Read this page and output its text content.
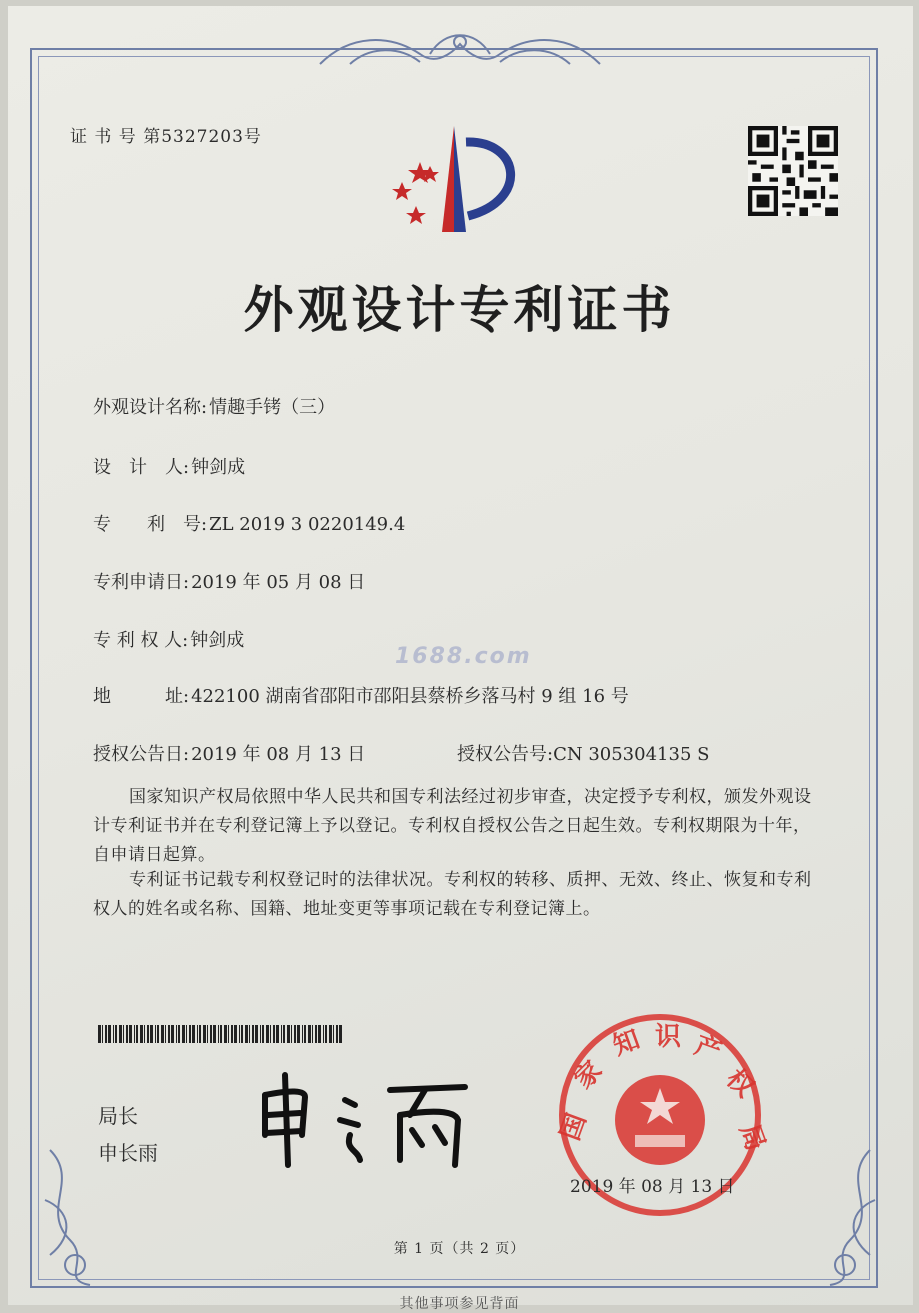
证 书 号 第5327203号
外观设计专利证书
外观设计名称: 情趣手铐（三）
设　计　人: 钟剑成
专　　利　号: ZL 2019 3 0220149.4
专利申请日: 2019 年 05 月 08 日
专 利 权 人: 钟剑成
1688.com
地　　　址: 422100 湖南省邵阳市邵阳县蔡桥乡落马村 9 组 16 号
授权公告日: 2019 年 08 月 13 日	授权公告号:CN 305304135 S
国家知识产权局依照中华人民共和国专利法经过初步审查，决定授予专利权，颁发外观设计专利证书并在专利登记簿上予以登记。专利权自授权公告之日起生效。专利权期限为十年，自申请日起算。
专利证书记载专利权登记时的法律状况。专利权的转移、质押、无效、终止、恢复和专利权人的姓名或名称、国籍、地址变更等事项记载在专利登记簿上。
局长
申长雨
国
家
知 识 产
权
局
2019 年 08 月 13 日
第 1 页（共 2 页）
其他事项参见背面
